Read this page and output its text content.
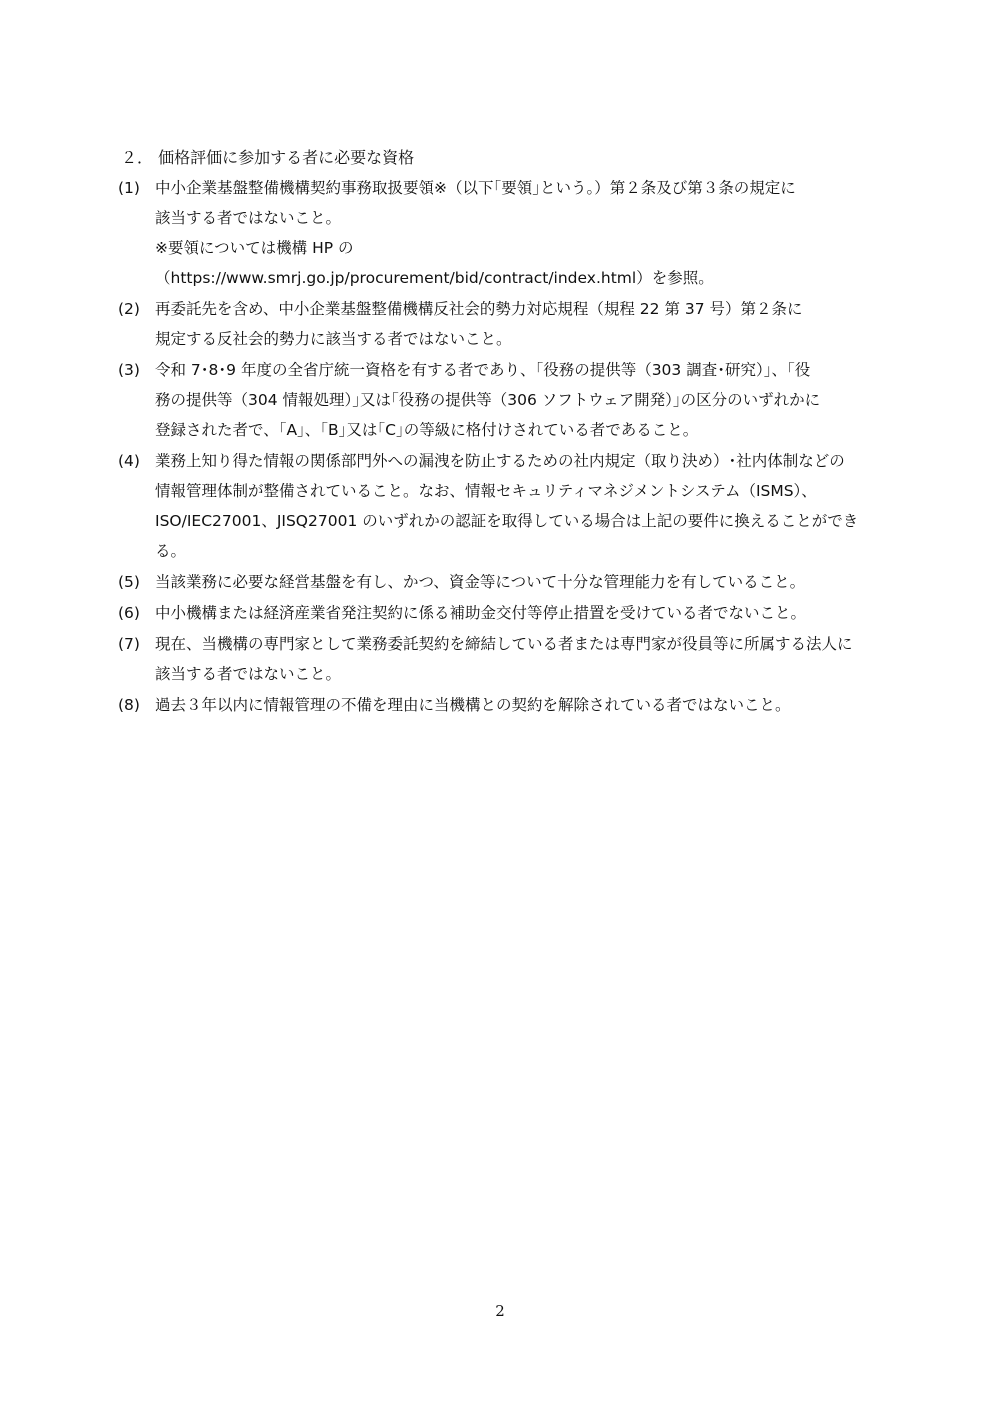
２． 価格評価に参加する者に必要な資格
(1) 中小企業基盤整備機構契約事務取扱要領※（以下｢要領｣という。）第２条及び第３条の規定に
該当する者ではないこと。
※要領については機構 HP の
（https://www.smrj.go.jp/procurement/bid/contract/index.html）を参照。
(2) 再委託先を含め、中小企業基盤整備機構反社会的勢力対応規程（規程 22 第 37 号）第２条に
規定する反社会的勢力に該当する者ではないこと。
(3) 令和 7･8･9 年度の全省庁統一資格を有する者であり、｢役務の提供等（303 調査･研究）｣、｢役
務の提供等（304 情報処理）｣又は｢役務の提供等（306 ソフトウェア開発）｣の区分のいずれかに
登録された者で、｢A｣、｢B｣又は｢C｣の等級に格付けされている者であること。
(4) 業務上知り得た情報の関係部門外への漏洩を防止するための社内規定（取り決め）･社内体制などの
情報管理体制が整備されていること。なお、情報セキュリティマネジメントシステム（ISMS）、
ISO/IEC27001、JISQ27001 のいずれかの認証を取得している場合は上記の要件に換えることができ
る。
(5) 当該業務に必要な経営基盤を有し、かつ、資金等について十分な管理能力を有していること。
(6) 中小機構または経済産業省発注契約に係る補助金交付等停止措置を受けている者でないこと。
(7) 現在、当機構の専門家として業務委託契約を締結している者または専門家が役員等に所属する法人に
該当する者ではないこと。
(8) 過去３年以内に情報管理の不備を理由に当機構との契約を解除されている者ではないこと。
2
